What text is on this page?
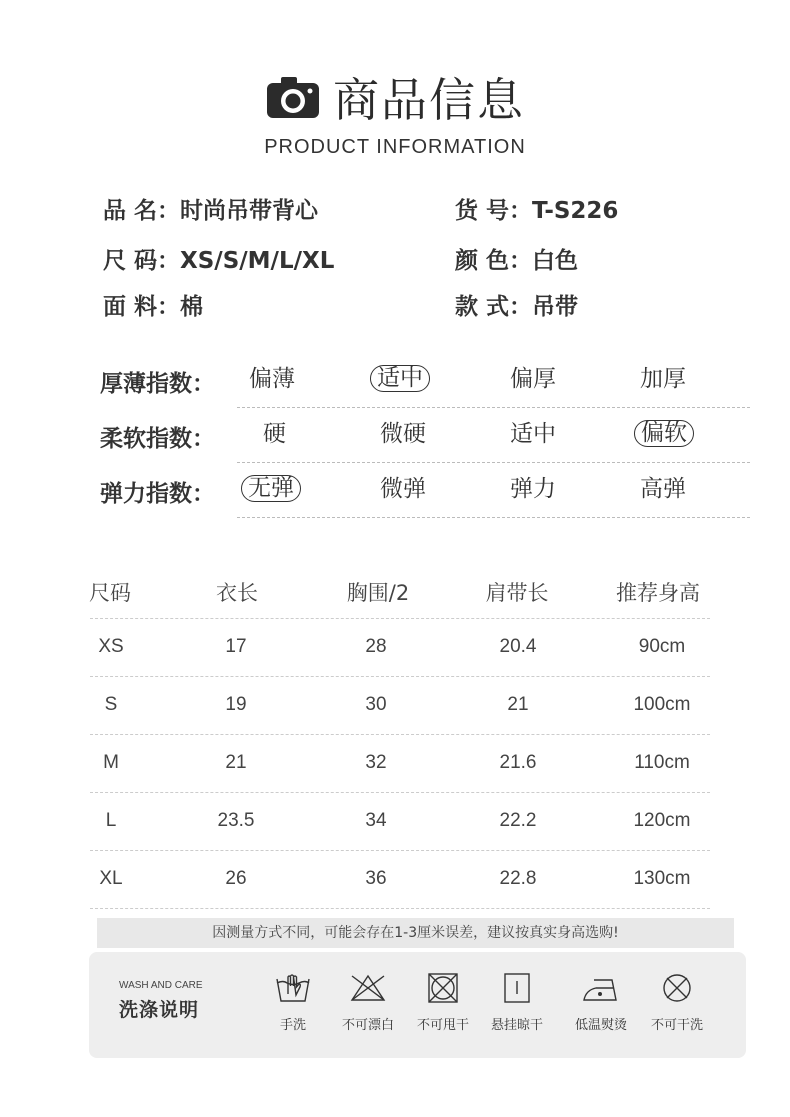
商品信息
PRODUCT INFORMATION
品 名：时尚吊带背心	货 号：T-S226
尺 码：XS/S/M/L/XL	颜 色：白色
面 料：棉	款 式：吊带
厚薄指数： 偏薄	适中	偏厚	加厚
柔软指数： 硬	微硬	适中	偏软
弹力指数：	无弹	微弹	弹力	高弹
尺码	衣长	胸围/2	肩带长	推荐身高
XS	17	28	20.4	90cm
S	19	30	21	100cm
M	21	32	21.6	110cm
L	23.5	34	22.2	120cm
XL	26	36	22.8	130cm
因测量方式不同，可能会存在1-3厘米误差，建议按真实身高选购!
WASH AND CARE
洗涤说明
手洗	不可漂白	不可甩干	悬挂晾干	低温熨烫	不可干洗
